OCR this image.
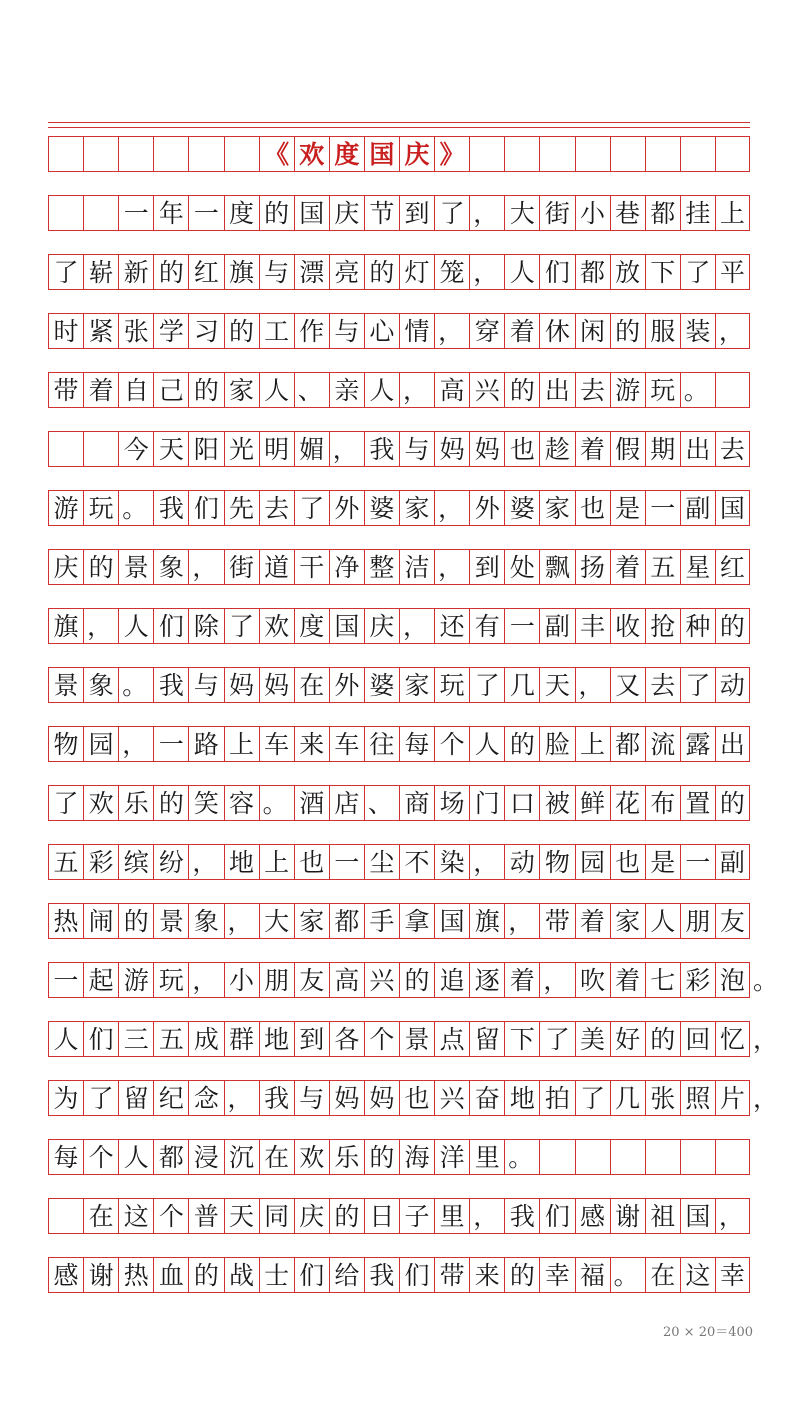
《 欢 度 国 庆 》
一 年 一 度 的 国 庆 节 到 了 ， 大 街 小 巷 都 挂 上
了 崭 新 的 红 旗 与 漂 亮 的 灯 笼 ， 人 们 都 放 下 了 平
时 紧 张 学 习 的 工 作 与 心 情 ， 穿 着 休 闲 的 服 装 ，
带 着 自 己 的 家 人 、 亲 人 ， 高 兴 的 出 去 游 玩 。
今 天 阳 光 明 媚 ， 我 与 妈 妈 也 趁 着 假 期 出 去
游 玩 。 我 们 先 去 了 外 婆 家 ， 外 婆 家 也 是 一 副 国
庆 的 景 象 ， 街 道 干 净 整 洁 ， 到 处 飘 扬 着 五 星 红
旗 ， 人 们 除 了 欢 度 国 庆 ， 还 有 一 副 丰 收 抢 种 的
景 象 。 我 与 妈 妈 在 外 婆 家 玩 了 几 天 ， 又 去 了 动
物 园 ， 一 路 上 车 来 车 往 每 个 人 的 脸 上 都 流 露 出
了 欢 乐 的 笑 容 。 酒 店 、 商 场 门 口 被 鲜 花 布 置 的
五 彩 缤 纷 ， 地 上 也 一 尘 不 染 ， 动 物 园 也 是 一 副
热 闹 的 景 象 ， 大 家 都 手 拿 国 旗 ， 带 着 家 人 朋 友
一 起 游 玩 ， 小 朋 友 高 兴 的 追 逐 着 ， 吹 着 七 彩 泡 。
人 们 三 五 成 群 地 到 各 个 景 点 留 下 了 美 好 的 回 忆 ，
为 了 留 纪 念 ， 我 与 妈 妈 也 兴 奋 地 拍 了 几 张 照 片 ，
每 个 人 都 浸 沉 在 欢 乐 的 海 洋 里 。
在 这 个 普 天 同 庆 的 日 子 里 ， 我 们 感 谢 祖 国 ，
感 谢 热 血 的 战 士 们 给 我 们 带 来 的 幸 福 。 在 这 幸
20 × 20＝400
